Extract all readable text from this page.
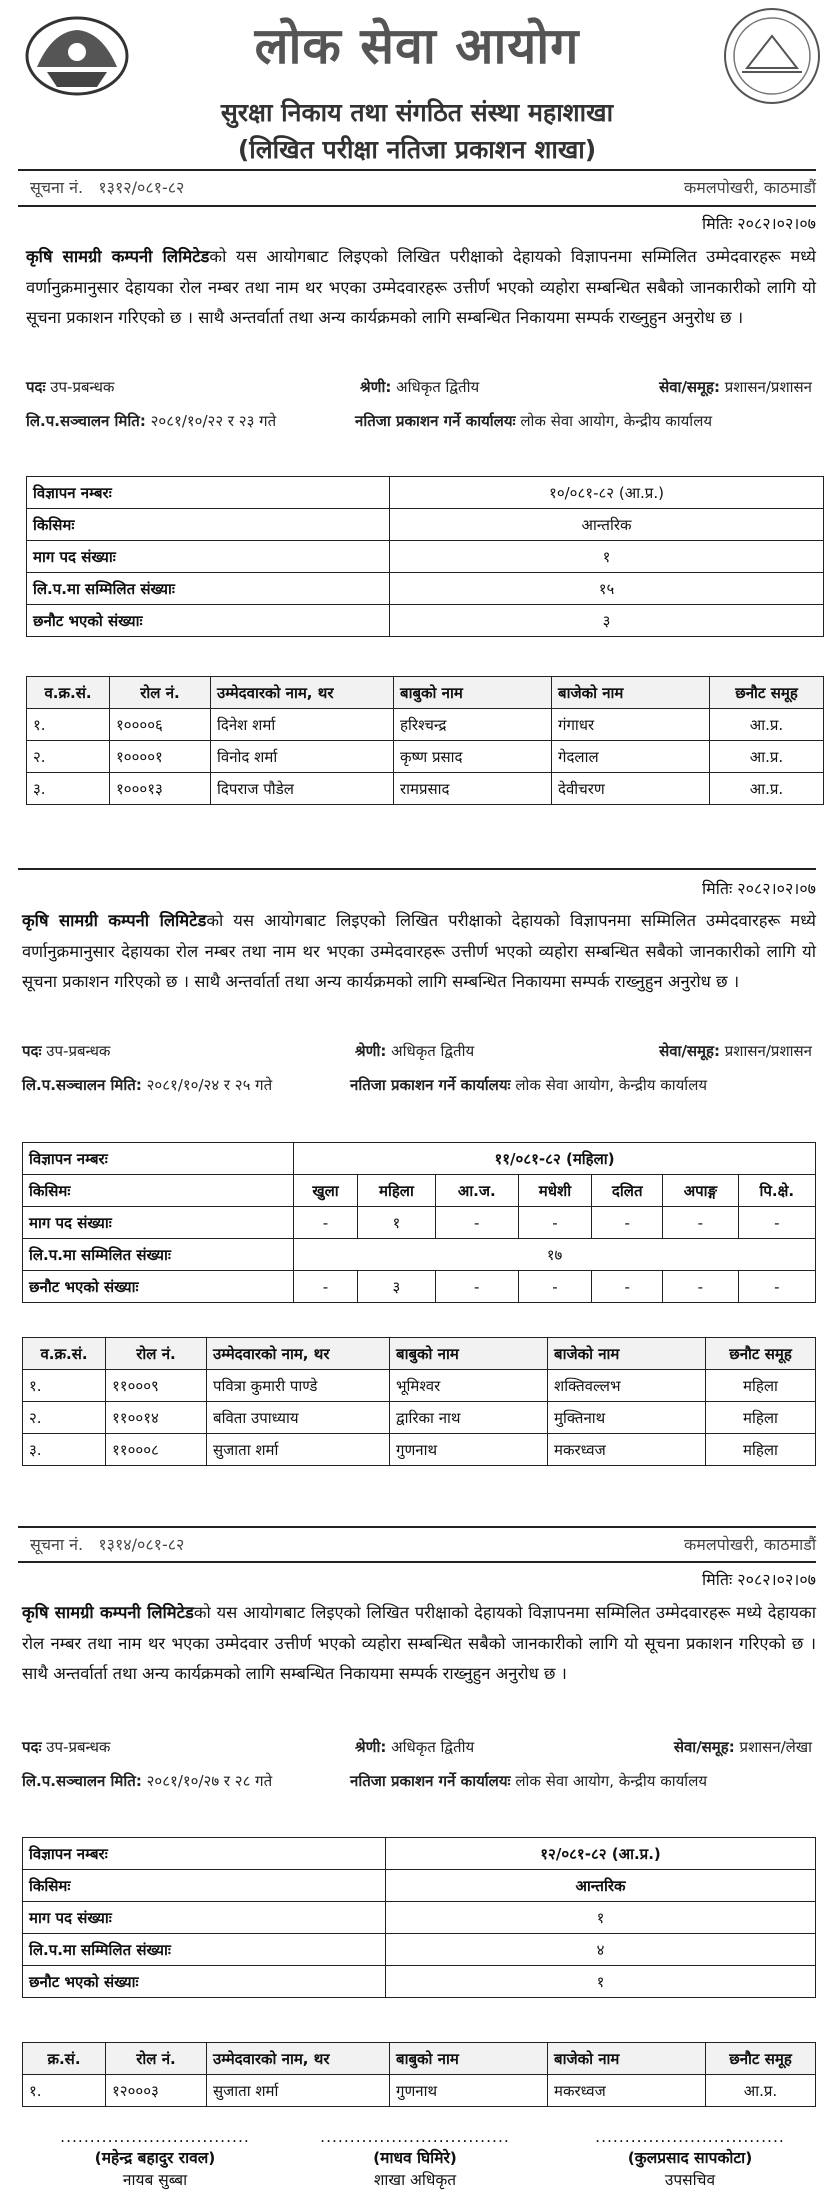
लोक सेवा आयोग
सुरक्षा निकाय तथा संगठित संस्था महाशाखा
(लिखित परीक्षा नतिजा प्रकाशन शाखा)
सूचना नं. १३१२/०८१-८२	कमलपोखरी, काठमाडौं
मितिः २०८२।०२।०७
कृषि सामग्री कम्पनी लिमिटेडको यस आयोगबाट लिइएको लिखित परीक्षाको देहायको विज्ञापनमा सम्मिलित उम्मेदवारहरू मध्ये वर्णानुक्रमानुसार देहायका रोल नम्बर तथा नाम थर भएका उम्मेदवारहरू उत्तीर्ण भएको व्यहोरा सम्बन्धित सबैको जानकारीको लागि यो सूचना प्रकाशन गरिएको छ । साथै अन्तर्वार्ता तथा अन्य कार्यक्रमको लागि सम्बन्धित निकायमा सम्पर्क राख्नुहुन अनुरोध छ ।
पदः उप-प्रबन्धक	श्रेणी: अधिकृत द्वितीय	सेवा/समूह: प्रशासन/प्रशासन
लि.प.सञ्चालन मिति: २०८१/१०/२२ र २३ गते	नतिजा प्रकाशन गर्ने कार्यालयः लोक सेवा आयोग, केन्द्रीय कार्यालय
विज्ञापन नम्बरः	१०/०८१-८२ (आ.प्र.)
किसिमः	आन्तरिक
माग पद संख्याः	१
लि.प.मा सम्मिलित संख्याः	१५
छनौट भएको संख्याः	३
व.क्र.सं.	रोल नं.	उम्मेदवारको नाम, थर	बाबुको नाम	बाजेको नाम	छनौट समूह
१.	१००००६	दिनेश शर्मा	हरिश्चन्द्र	गंगाधर	आ.प्र.
२.	१००००१	विनोद शर्मा	कृष्ण प्रसाद	गेदलाल	आ.प्र.
३.	१०००१३	दिपराज पौडेल	रामप्रसाद	देवीचरण	आ.प्र.
मितिः २०८२।०२।०७
कृषि सामग्री कम्पनी लिमिटेडको यस आयोगबाट लिइएको लिखित परीक्षाको देहायको विज्ञापनमा सम्मिलित उम्मेदवारहरू मध्ये वर्णानुक्रमानुसार देहायका रोल नम्बर तथा नाम थर भएका उम्मेदवारहरू उत्तीर्ण भएको व्यहोरा सम्बन्धित सबैको जानकारीको लागि यो सूचना प्रकाशन गरिएको छ । साथै अन्तर्वार्ता तथा अन्य कार्यक्रमको लागि सम्बन्धित निकायमा सम्पर्क राख्नुहुन अनुरोध छ ।
पदः उप-प्रबन्धक	श्रेणी: अधिकृत द्वितीय	सेवा/समूह: प्रशासन/प्रशासन
लि.प.सञ्चालन मिति: २०८१/१०/२४ र २५ गते	नतिजा प्रकाशन गर्ने कार्यालयः लोक सेवा आयोग, केन्द्रीय कार्यालय
विज्ञापन नम्बरः	११/०८१-८२ (महिला)						
किसिमः	खुला	महिला	आ.ज.	मधेशी	दलित	अपाङ्ग	पि.क्षे.
माग पद संख्याः	-	१	-	-	-	-	-
लि.प.मा सम्मिलित संख्याः	१७						
छनौट भएको संख्याः	-	३	-	-	-	-	-
व.क्र.सं.	रोल नं.	उम्मेदवारको नाम, थर	बाबुको नाम	बाजेको नाम	छनौट समूह
१.	११०००९	पवित्रा कुमारी पाण्डे	भूमिश्वर	शक्तिवल्लभ	महिला
२.	११००१४	बविता उपाध्याय	द्वारिका नाथ	मुक्तिनाथ	महिला
३.	११०००८	सुजाता शर्मा	गुणनाथ	मकरध्वज	महिला
सूचना नं. १३१४/०८१-८२	कमलपोखरी, काठमाडौं
मितिः २०८२।०२।०७
कृषि सामग्री कम्पनी लिमिटेडको यस आयोगबाट लिइएको लिखित परीक्षाको देहायको विज्ञापनमा सम्मिलित उम्मेदवारहरू मध्ये देहायका रोल नम्बर तथा नाम थर भएका उम्मेदवार उत्तीर्ण भएको व्यहोरा सम्बन्धित सबैको जानकारीको लागि यो सूचना प्रकाशन गरिएको छ । साथै अन्तर्वार्ता तथा अन्य कार्यक्रमको लागि सम्बन्धित निकायमा सम्पर्क राख्नुहुन अनुरोध छ ।
पदः उप-प्रबन्धक	श्रेणी: अधिकृत द्वितीय	सेवा/समूह: प्रशासन/लेखा
लि.प.सञ्चालन मिति: २०८१/१०/२७ र २८ गते	नतिजा प्रकाशन गर्ने कार्यालयः लोक सेवा आयोग, केन्द्रीय कार्यालय
विज्ञापन नम्बरः	१२/०८१-८२ (आ.प्र.)
किसिमः	आन्तरिक
माग पद संख्याः	१
लि.प.मा सम्मिलित संख्याः	४
छनौट भएको संख्याः	१
क्र.सं.	रोल नं.	उम्मेदवारको नाम, थर	बाबुको नाम	बाजेको नाम	छनौट समूह
१.	१२०००३	सुजाता शर्मा	गुणनाथ	मकरध्वज	आ.प्र.
................................
(महेन्द्र बहादुर रावल)
नायब सुब्बा
................................
(माधव घिमिरे)
शाखा अधिकृत
................................
(कुलप्रसाद सापकोटा)
उपसचिव
